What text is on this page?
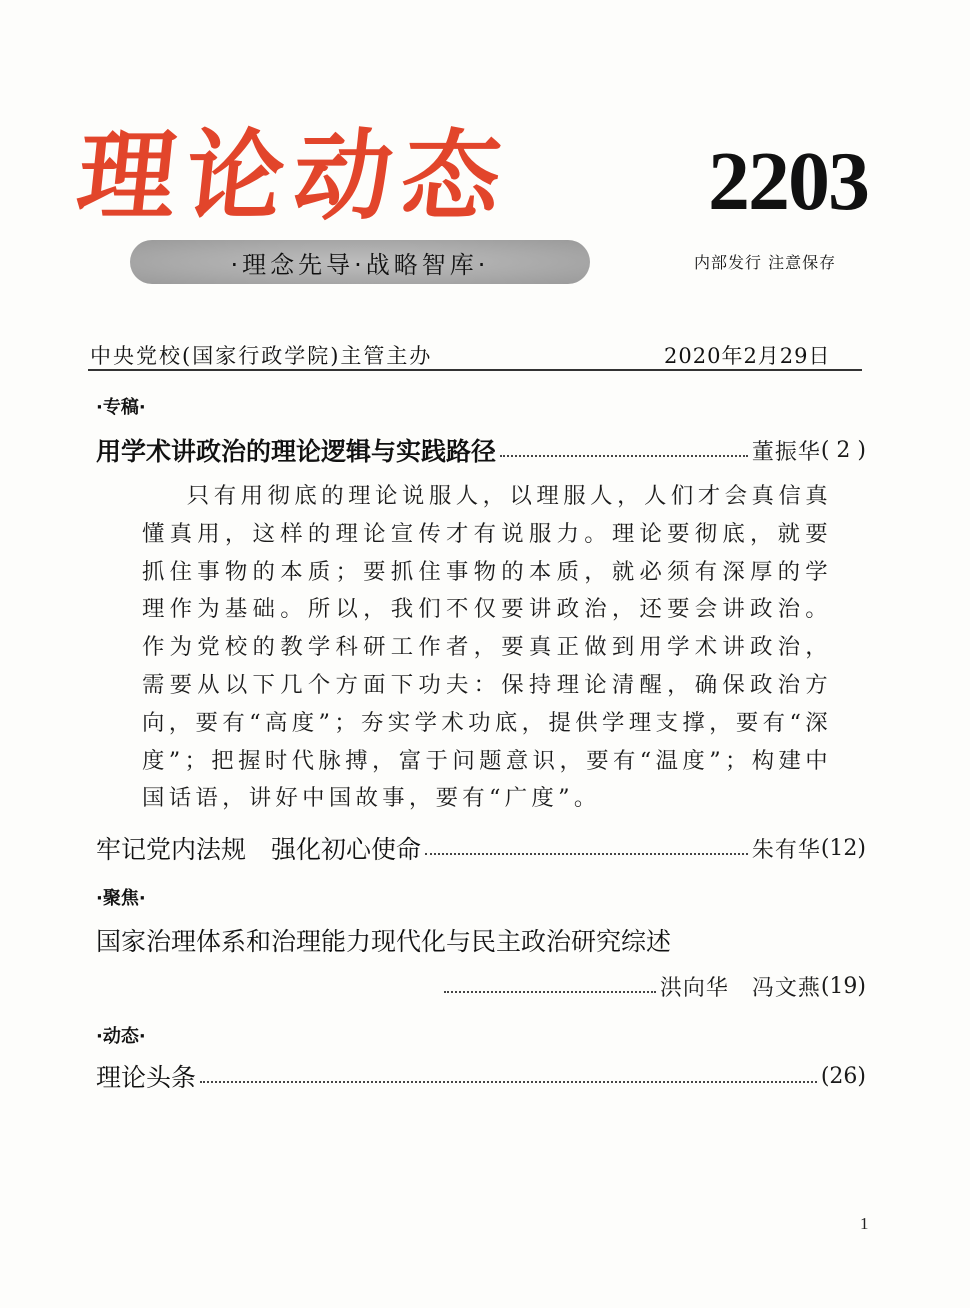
理论动态 2203
·理念先导·战略智库·	内部发行 注意保存
中央党校(国家行政学院)主管主办	2020年2月29日
·专稿·
用学术讲政治的理论逻辑与实践路径	董振华 ( 2 )

只有用彻底的理论说服人，以理服人，人们才会真信真懂真用，这样的理论宣传才有说服力。理论要彻底，就要抓住事物的本质；要抓住事物的本质，就必须有深厚的学理作为基础。所以，我们不仅要讲政治，还要会讲政治。作为党校的教学科研工作者，要真正做到用学术讲政治，需要从以下几个方面下功夫：保持理论清醒，确保政治方向，要有“高度”；夯实学术功底，提供学理支撑，要有“深度”；把握时代脉搏，富于问题意识，要有“温度”；构建中国话语，讲好中国故事，要有“广度”。

牢记党内法规　强化初心使命	朱有华 (12)
·聚焦·
国家治理体系和治理能力现代化与民主政治研究综述
洪向华　冯文燕 (19)
·动态·
理论头条	(26)
1
